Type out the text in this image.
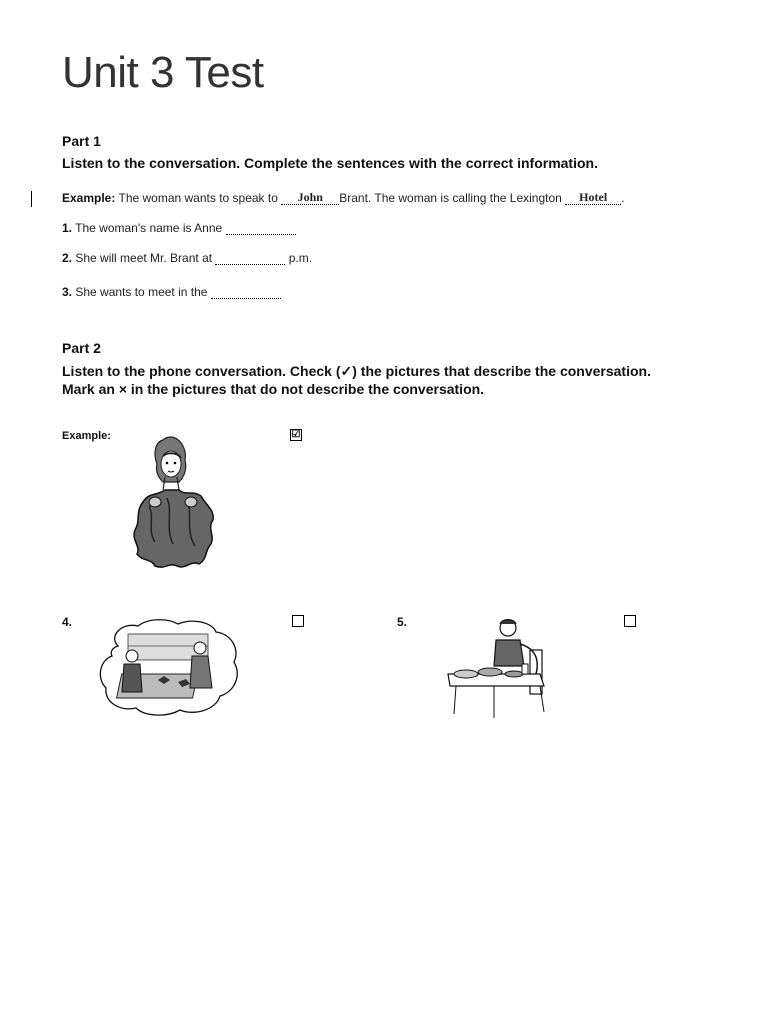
Unit 3 Test
Part 1
Listen to the conversation. Complete the sentences with the correct information.
Example: The woman wants to speak to John Brant. The woman is calling the Lexington Hotel .
1. The woman's name is Anne
2. She will meet Mr. Brant at	p.m.
3. She wants to meet in the
Part 2
Listen to the phone conversation. Check (✓) the pictures that describe the conversation.
Mark an × in the pictures that do not describe the conversation.
Example:	☑
4.	5.
